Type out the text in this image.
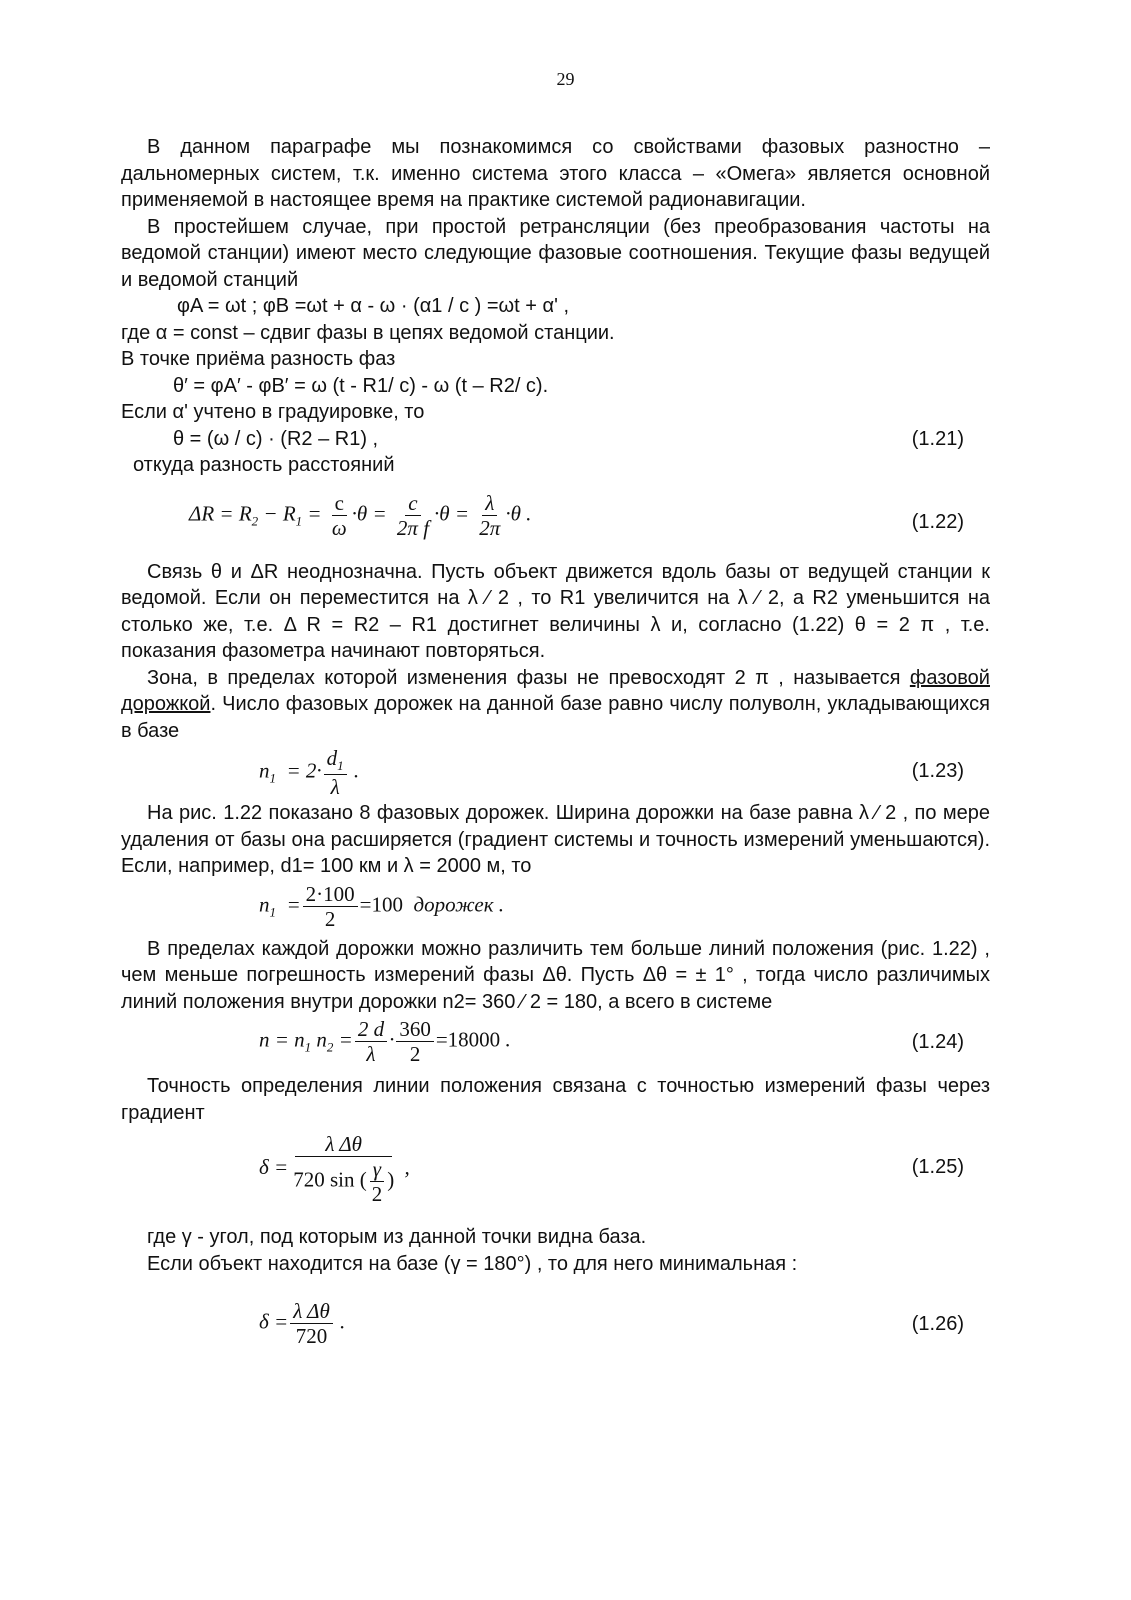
29

В данном параграфе мы познакомимся со свойствами фазовых разностно – дальномерных систем, т.к. именно система этого класса – «Омега» является основной применяемой в настоящее время на практике системой радионавигации.

В простейшем случае, при простой ретрансляции (без преобразования частоты на ведомой станции) имеют место следующие фазовые соотношения. Текущие фазы ведущей и ведомой станций

φA = ωt ; φB =ωt + α - ω · (α1 / c ) =ωt + α' ,

где α = const – сдвиг фазы в цепях ведомой станции.

В точке приёма разность фаз

θ′ = φA′ - φB′ = ω (t - R1/ c) - ω (t – R2/ c).

Если α' учтено в градуировке, то

θ = (ω / c) · (R2 – R1) ,	(1.21)

откуда разность расстояний

$\Delta R = R_2 - R_1 = \frac{c}{\omega} \cdot\theta = \frac{c}{\text{2π f}} \cdot\theta = \frac{\lambda}{2\pi} \cdot\theta$ .	(1.22)

Связь θ и ΔR неоднозначна. Пусть объект движется вдоль базы от ведущей станции к ведомой. Если он переместится на λ ⁄ 2 , то R1 увеличится на λ ⁄ 2, а R2 уменьшится на столько же, т.е. Δ R = R2 – R1 достигнет величины λ и, согласно (1.22) θ = 2 π , т.е. показания фазометра начинают повторяться.

Зона, в пределах которой изменения фазы не превосходят 2 π , называется фазовой дорожкой. Число фазовых дорожек на данной базе равно числу полуволн, укладывающихся в базе

$n_1 = 2\cdot \frac{d_1}{\lambda}$ .	(1.23)

На рис. 1.22 показано 8 фазовых дорожек. Ширина дорожки на базе равна λ ⁄ 2 , по мере удаления от базы она расширяется (градиент системы и точность измерений уменьшаются). Если, например, d1= 100 км и λ = 2000 м, то

$n_1 = \frac{2\cdot 100}{2} =100$ дорожек .

В пределах каждой дорожки можно различить тем больше линий положения (рис. 1.22) , чем меньше погрешность измерений фазы Δθ. Пусть Δθ = ± 1° , тогда число различимых линий положения внутри дорожки n2= 360 ⁄ 2 = 180, а всего в системе

$n = n_1$ $n_2 = \frac{2 d}{\lambda} \cdot \frac{360}{2} =18000$ .	(1.24)

Точность определения линии положения связана с точностью измерений фазы через градиент

$\delta = \frac{\text{λ Δθ}}{720 \sin ( \frac{\gamma}{2} )}$ ,	(1.25)

где γ - угол, под которым из данной точки видна база.

Если объект находится на базе (γ = 180°) , то для него минимальная :

$\delta = \frac{\text{λ Δθ}}{720}$ .	(1.26)
